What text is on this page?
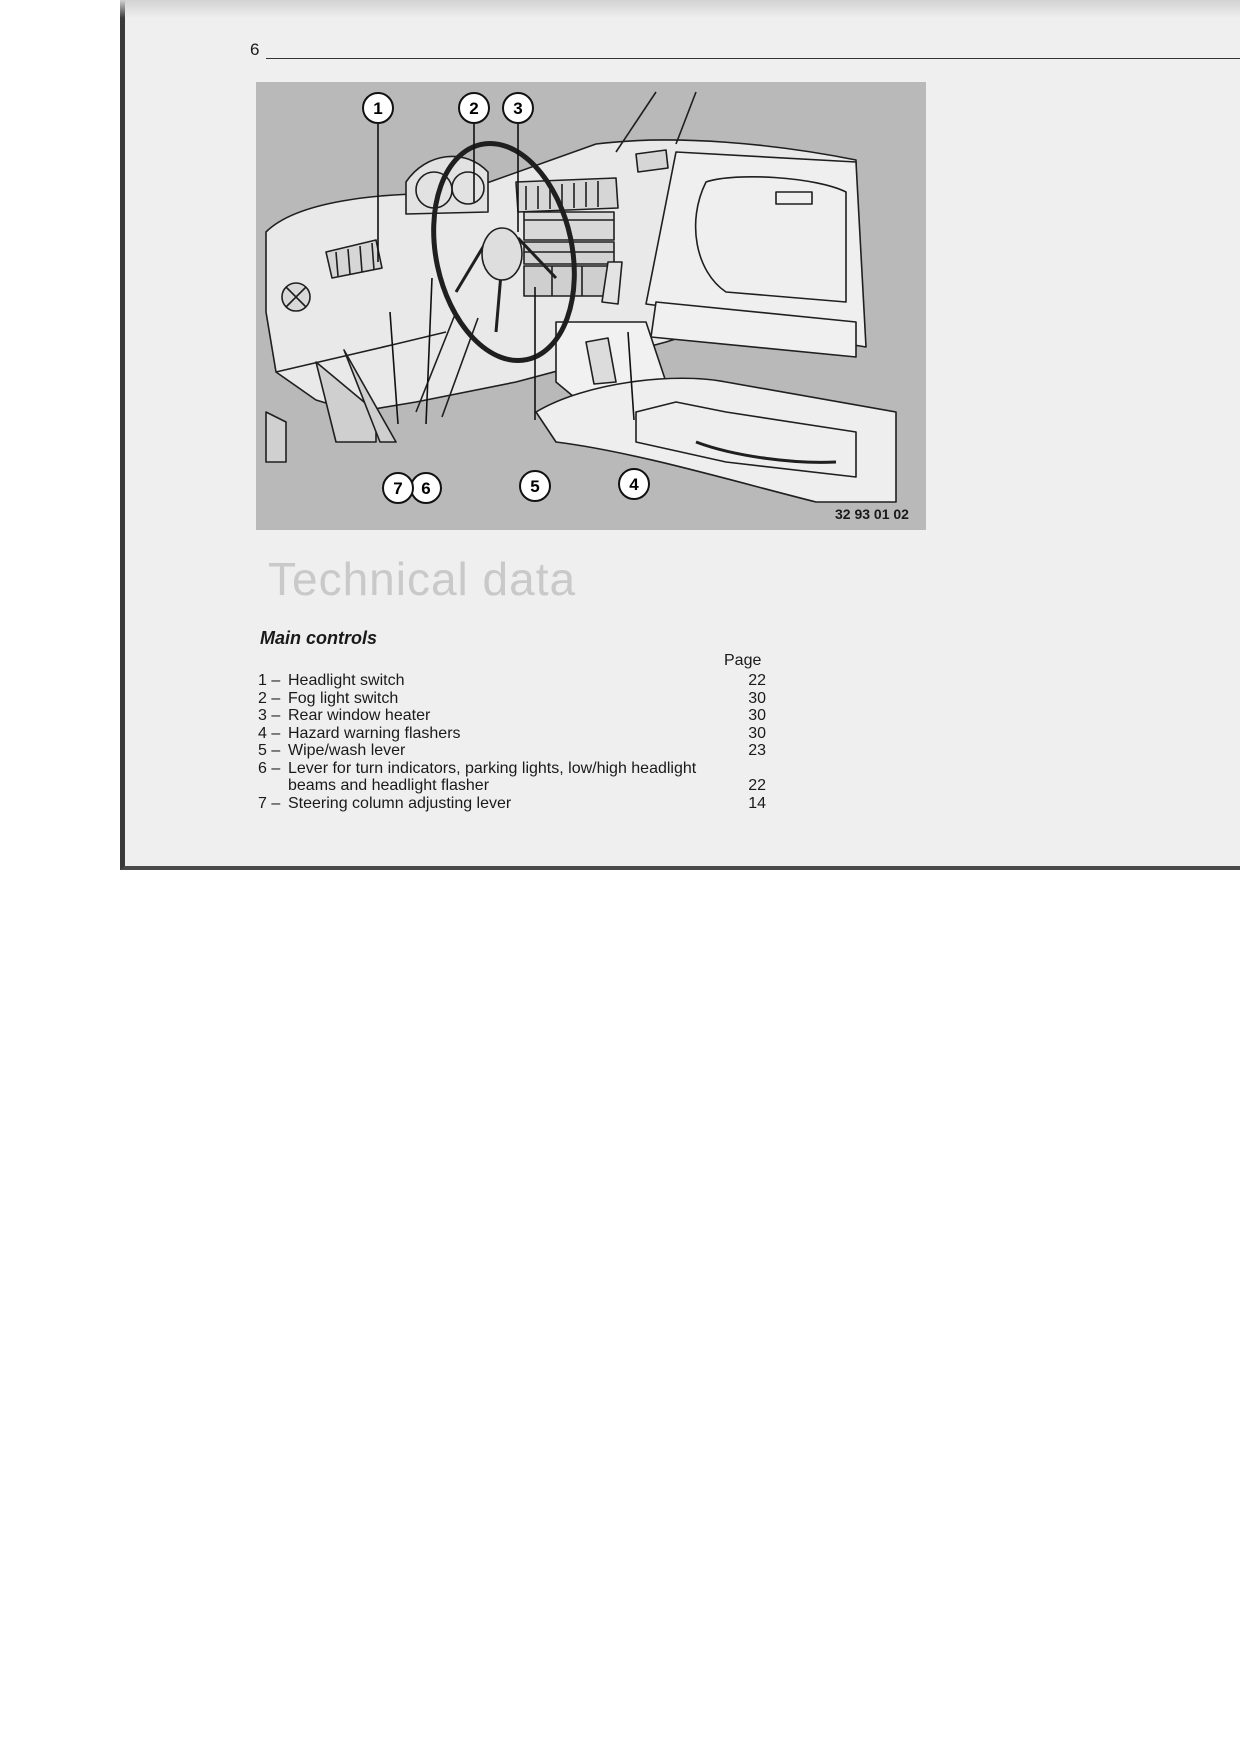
Technical data
6
1	2 3
4
5
6
7
32 93 01 02
Main controls
Page
1 – Headlight switch	22
2 – Fog light switch	30
3 – Rear window heater	30
4 – Hazard warning flashers	30
5 – Wipe/wash lever	23
6 – Lever for turn indicators, parking lights, low/high headlight beams and headlight flasher	22
7 – Steering column adjusting lever	14
